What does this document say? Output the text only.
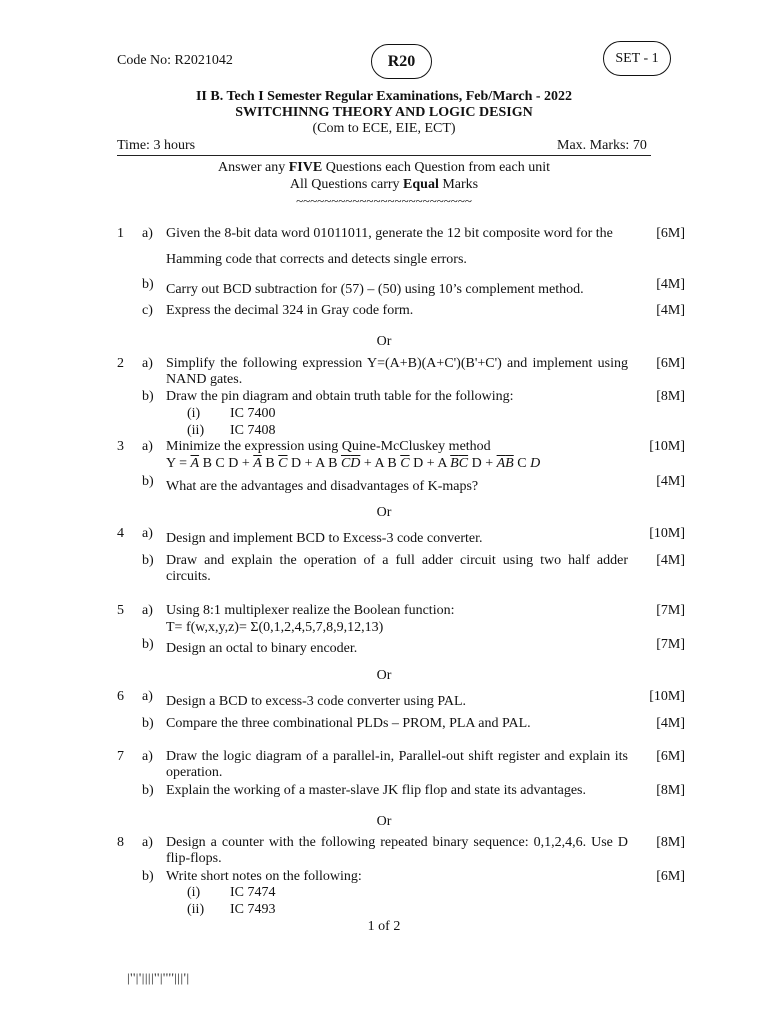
Code No: R2021042	R20	SET - 1
II B. Tech I Semester Regular Examinations, Feb/March - 2022
SWITCHINNG THEORY AND LOGIC DESIGN
(Com to ECE, EIE, ECT)
Time: 3 hours	Max. Marks: 70
Answer any FIVE Questions each Question from each unit
All Questions carry Equal Marks
~~~~~~~~~~~~~~~~~~~~~~~~~
1 a) Given the 8-bit data word 01011011, generate the 12 bit composite word for the
Hamming code that corrects and detects single errors.
[6M]
b) Carry out BCD subtraction for (57) – (50) using 10’s complement method.	[4M]
c) Express the decimal 324 in Gray code form.	[4M]
Or
2 a) Simplify the following expression Y=(A+B)(A+C')(B'+C') and implement using NAND gates.
[6M]
b) Draw the pin diagram and obtain truth table for the following:	[8M]
(i) IC 7400
(ii) IC 7408
3 a) Minimize the expression using Quine-McCluskey method	[10M]
$Y = \overline{A}$ B C $D + \overline{A}$ B $\overline{C}$ D + A B $\overline{C}\overline{D} + A$ B $\overline{C}$ D + A $\overline{B}\overline{C}$ $D + \overline{A}\overline{B}$ C D
b) What are the advantages and disadvantages of K-maps?	[4M]
Or
4 a) Design and implement BCD to Excess-3 code converter.	[10M]
b) Draw and explain the operation of a full adder circuit using two half adder circuits.
[4M]
5 a) Using 8:1 multiplexer realize the Boolean function:
T= f(w,x,y,z)= Σ(0,1,2,4,5,7,8,9,12,13)
[7M]
b) Design an octal to binary encoder.	[7M]
Or
6 a) Design a BCD to excess-3 code converter using PAL.	[10M]
b) Compare the three combinational PLDs – PROM, PLA and PAL.	[4M]
7 a) Draw the logic diagram of a parallel-in, Parallel-out shift register and explain its operation.
[6M]
b) Explain the working of a master-slave JK flip flop and state its advantages.	[8M]
Or
8 a) Design a counter with the following repeated binary sequence: 0,1,2,4,6. Use D flip-flops.
[8M]
b) Write short notes on the following:	[6M]
(i) IC 7474
(ii) IC 7493
1 of 2
|''|'||||''|''''|||'|
